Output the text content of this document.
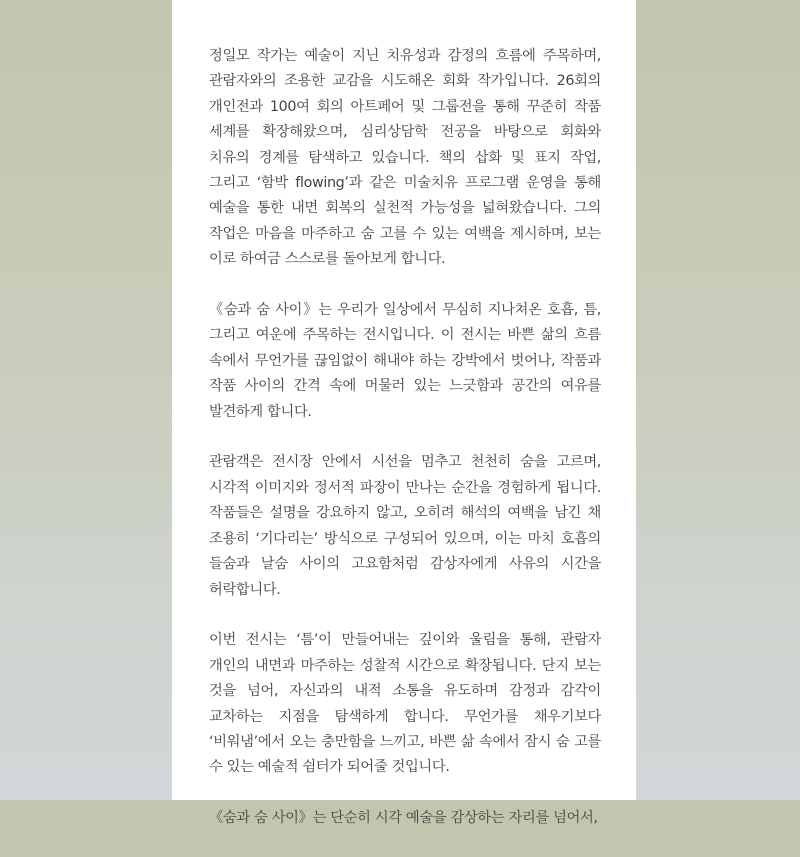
정일모 작가는 예술이 지닌 치유성과 감정의 흐름에 주목하며, 관람자와의 조용한 교감을 시도해온 회화 작가입니다. 26회의 개인전과 100여 회의 아트페어 및 그룹전을 통해 꾸준히 작품 세계를 확장해왔으며, 심리상담학 전공을 바탕으로 회화와 치유의 경계를 탐색하고 있습니다. 책의 삽화 및 표지 작업, 그리고 ‘함박 flowing’과 같은 미술치유 프로그램 운영을 통해 예술을 통한 내면 회복의 실천적 가능성을 넓혀왔습니다. 그의 작업은 마음을 마주하고 숨 고를 수 있는 여백을 제시하며, 보는 이로 하여금 스스로를 돌아보게 합니다.

《숨과 숨 사이》는 우리가 일상에서 무심히 지나쳐온 호흡, 틈, 그리고 여운에 주목하는 전시입니다. 이 전시는 바쁜 삶의 흐름 속에서 무언가를 끊임없이 해내야 하는 강박에서 벗어나, 작품과 작품 사이의 간격 속에 머물러 있는 느긋함과 공간의 여유를 발견하게 합니다.

관람객은 전시장 안에서 시선을 멈추고 천천히 숨을 고르며, 시각적 이미지와 정서적 파장이 만나는 순간을 경험하게 됩니다. 작품들은 설명을 강요하지 않고, 오히려 해석의 여백을 남긴 채 조용히 ‘기다리는’ 방식으로 구성되어 있으며, 이는 마치 호흡의 들숨과 날숨 사이의 고요함처럼 감상자에게 사유의 시간을 허락합니다.

이번 전시는 ‘틈’이 만들어내는 깊이와 울림을 통해, 관람자 개인의 내면과 마주하는 성찰적 시간으로 확장됩니다. 단지 보는 것을 넘어, 자신과의 내적 소통을 유도하며 감정과 감각이 교차하는 지점을 탐색하게 합니다. 무언가를 채우기보다 ‘비워냄’에서 오는 충만함을 느끼고, 바쁜 삶 속에서 잠시 숨 고를 수 있는 예술적 쉼터가 되어줄 것입니다.

《숨과 숨 사이》는 단순히 시각 예술을 감상하는 자리를 넘어서,
